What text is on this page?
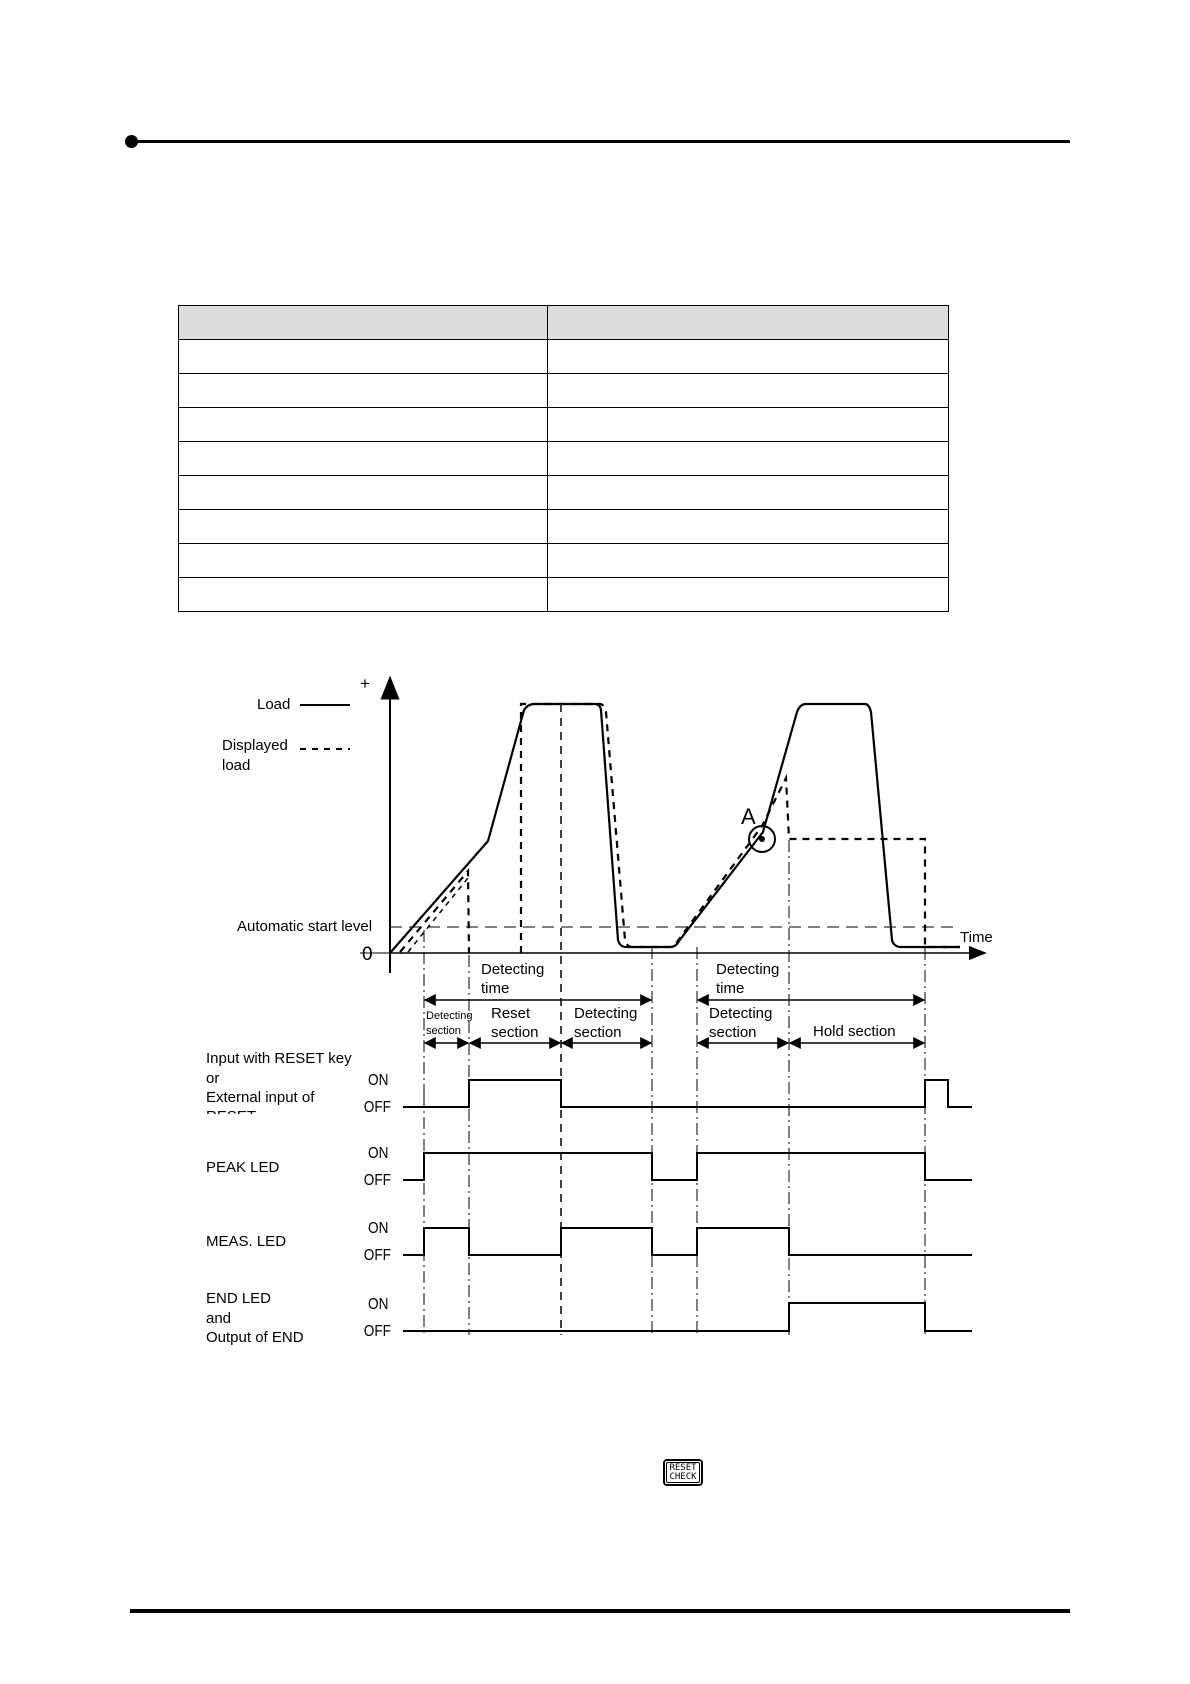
+
Automatic start level
0
Time
Load
Displayed load
A
Detecting time
Detecting time
Detecting section
Reset section
Detecting section
Detecting section	Hold section
Input with RESET key or External input of
ON
OFF
PEAK LED
ON
OFF
MEAS. LED
ON
OFF
END LED and Output of END
ON
OFF
RESET
CHECK
